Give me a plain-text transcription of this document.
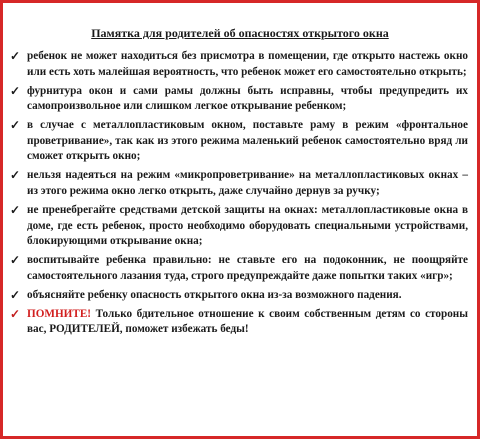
Памятка для родителей об опасностях открытого окна
✓ ребенок не может находиться без присмотра в помещении, где открыто настежь окно или есть хоть малейшая вероятность, что ребенок может его самостоятельно открыть;
✓ фурнитура окон и сами рамы должны быть исправны, чтобы предупредить их самопроизвольное или слишком легкое открывание ребенком;
✓ в случае с металлопластиковым окном, поставьте раму в режим «фронтальное проветривание», так как из этого режима маленький ребенок самостоятельно вряд ли сможет открыть окно;
✓ нельзя надеяться на режим «микропроветривание» на металлопластиковых окнах – из этого режима окно легко открыть, даже случайно дернув за ручку;
✓ не пренебрегайте средствами детской защиты на окнах: металлопластиковые окна в доме, где есть ребенок, просто необходимо оборудовать специальными устройствами, блокирующими открывание окна;
✓ воспитывайте ребенка правильно: не ставьте его на подоконник, не поощряйте самостоятельного лазания туда, строго предупреждайте даже попытки таких «игр»;
✓ объясняйте ребенку опасность открытого окна из-за возможного падения.
✓ ПОМНИТЕ! Только бдительное отношение к своим собственным детям со стороны вас, РОДИТЕЛЕЙ, поможет избежать беды!
